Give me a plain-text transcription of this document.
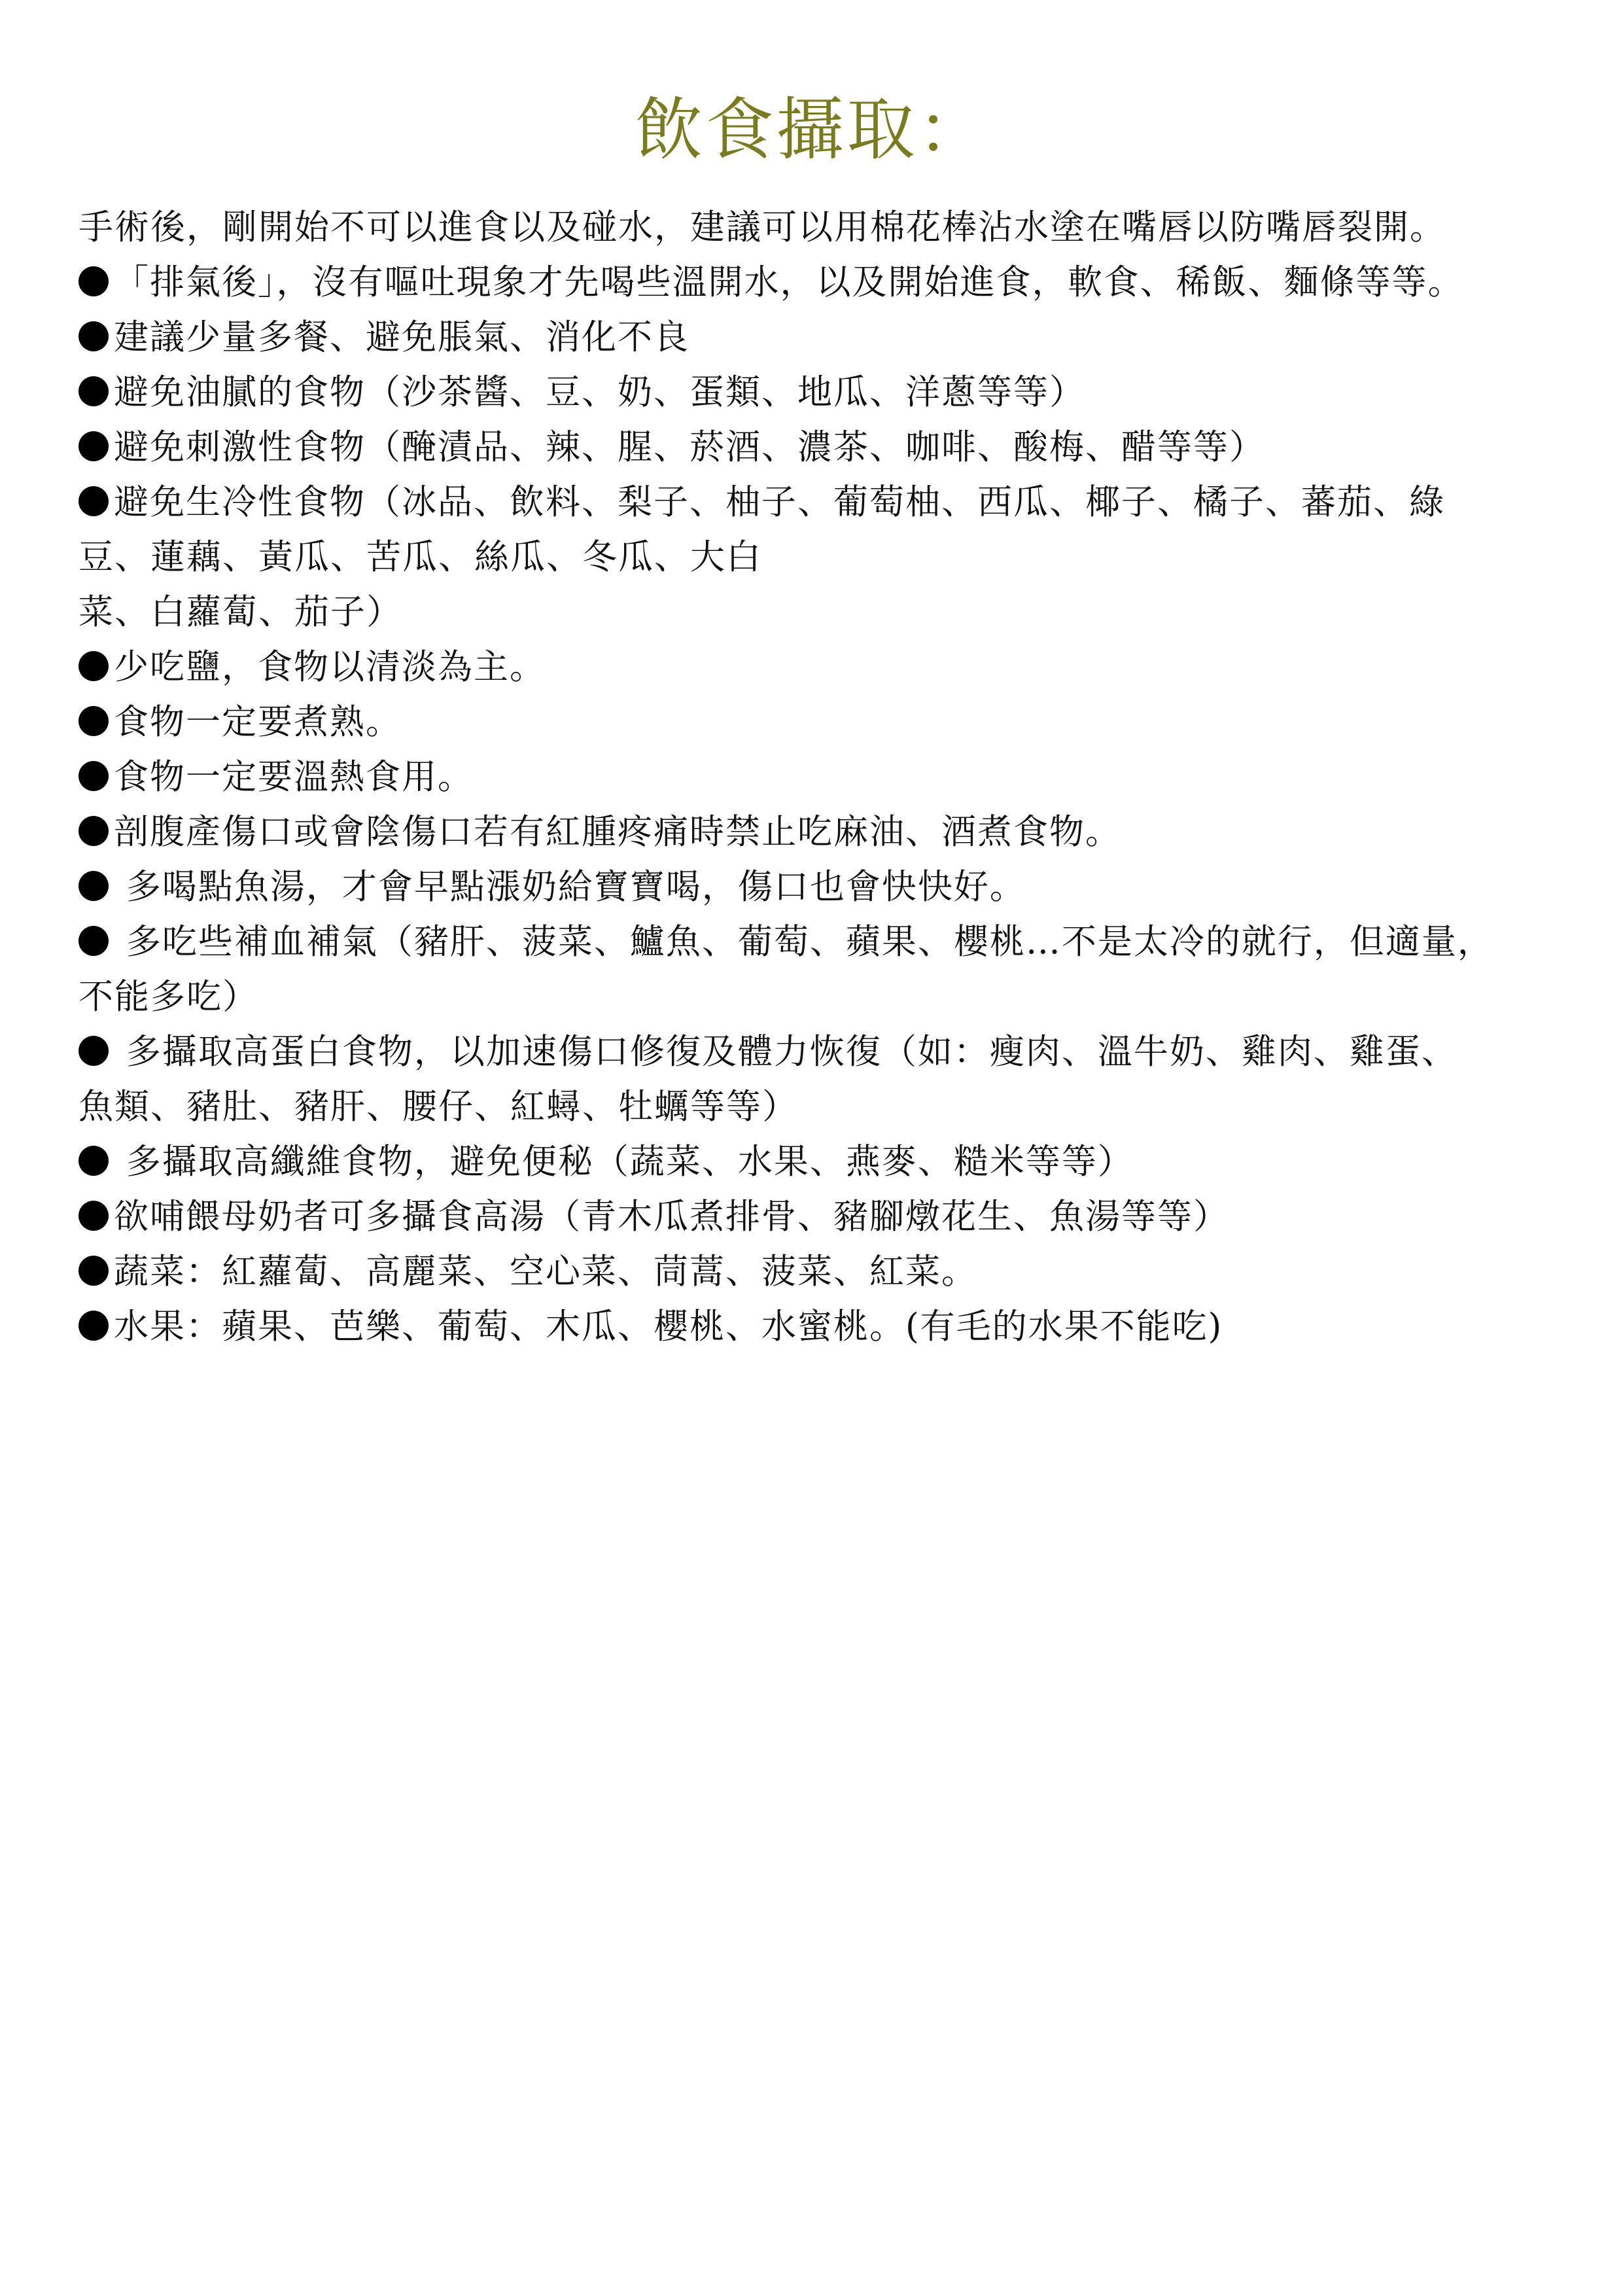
飲食攝取：
手術後，剛開始不可以進食以及碰水，建議可以用棉花棒沾水塗在嘴唇以防嘴唇裂開。
「排氣後」，沒有嘔吐現象才先喝些溫開水，以及開始進食，軟食、稀飯、麵條等等。
建議少量多餐、避免脹氣、消化不良
避免油膩的食物（沙茶醬、豆、奶、蛋類、地瓜、洋蔥等等）
避免刺激性食物（醃漬品、辣、腥、菸酒、濃茶、咖啡、酸梅、醋等等）
避免生冷性食物（冰品、飲料、梨子、柚子、葡萄柚、西瓜、椰子、橘子、蕃茄、綠
豆、蓮藕、黃瓜、苦瓜、絲瓜、冬瓜、大白
菜、白蘿蔔、茄子）
少吃鹽，食物以清淡為主。
食物一定要煮熟。
食物一定要溫熱食用。
剖腹產傷口或會陰傷口若有紅腫疼痛時禁止吃麻油、酒煮食物。
多喝點魚湯，才會早點漲奶給寶寶喝，傷口也會快快好。
多吃些補血補氣（豬肝、菠菜、鱸魚、葡萄、蘋果、櫻桃…不是太冷的就行，但適量，
不能多吃）
多攝取高蛋白食物，以加速傷口修復及體力恢復（如：瘦肉、溫牛奶、雞肉、雞蛋、
魚類、豬肚、豬肝、腰仔、紅蟳、牡蠣等等）
多攝取高纖維食物，避免便秘（蔬菜、水果、燕麥、糙米等等）
欲哺餵母奶者可多攝食高湯（青木瓜煮排骨、豬腳燉花生、魚湯等等）
蔬菜：紅蘿蔔、高麗菜、空心菜、茼蒿、菠菜、紅菜。
水果：蘋果、芭樂、葡萄、木瓜、櫻桃、水蜜桃。(有毛的水果不能吃)
